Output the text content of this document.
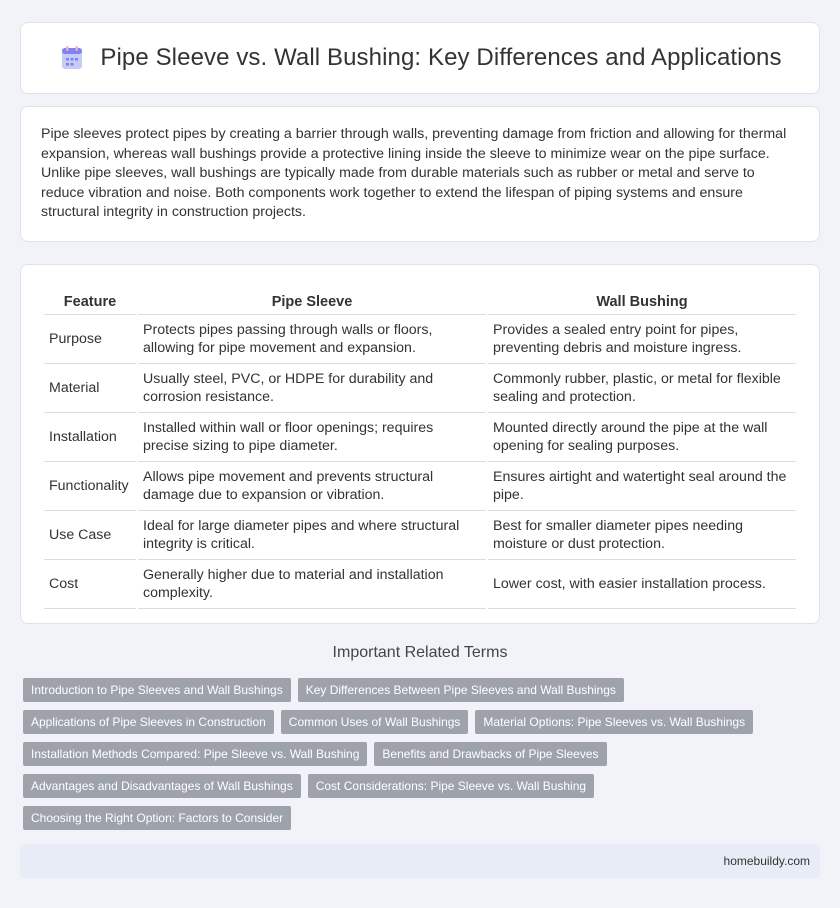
Pipe Sleeve vs. Wall Bushing: Key Differences and Applications

Pipe sleeves protect pipes by creating a barrier through walls, preventing damage from friction and allowing for thermal expansion, whereas wall bushings provide a protective lining inside the sleeve to minimize wear on the pipe surface. Unlike pipe sleeves, wall bushings are typically made from durable materials such as rubber or metal and serve to reduce vibration and noise. Both components work together to extend the lifespan of piping systems and ensure structural integrity in construction projects.

Feature	Pipe Sleeve	Wall Bushing
Purpose	Protects pipes passing through walls or floors, allowing for pipe movement and expansion.	Provides a sealed entry point for pipes, preventing debris and moisture ingress.
Material	Usually steel, PVC, or HDPE for durability and corrosion resistance.	Commonly rubber, plastic, or metal for flexible sealing and protection.
Installation	Installed within wall or floor openings; requires precise sizing to pipe diameter.	Mounted directly around the pipe at the wall opening for sealing purposes.
Functionality	Allows pipe movement and prevents structural damage due to expansion or vibration.	Ensures airtight and watertight seal around the pipe.
Use Case	Ideal for large diameter pipes and where structural integrity is critical.	Best for smaller diameter pipes needing moisture or dust protection.
Cost	Generally higher due to material and installation complexity.	Lower cost, with easier installation process.
Important Related Terms
Introduction to Pipe Sleeves and Wall Bushings	Key Differences Between Pipe Sleeves and Wall Bushings
Applications of Pipe Sleeves in Construction	Common Uses of Wall Bushings	Material Options: Pipe Sleeves vs. Wall Bushings
Installation Methods Compared: Pipe Sleeve vs. Wall Bushing	Benefits and Drawbacks of Pipe Sleeves
Advantages and Disadvantages of Wall Bushings	Cost Considerations: Pipe Sleeve vs. Wall Bushing
Choosing the Right Option: Factors to Consider
homebuildy.com
